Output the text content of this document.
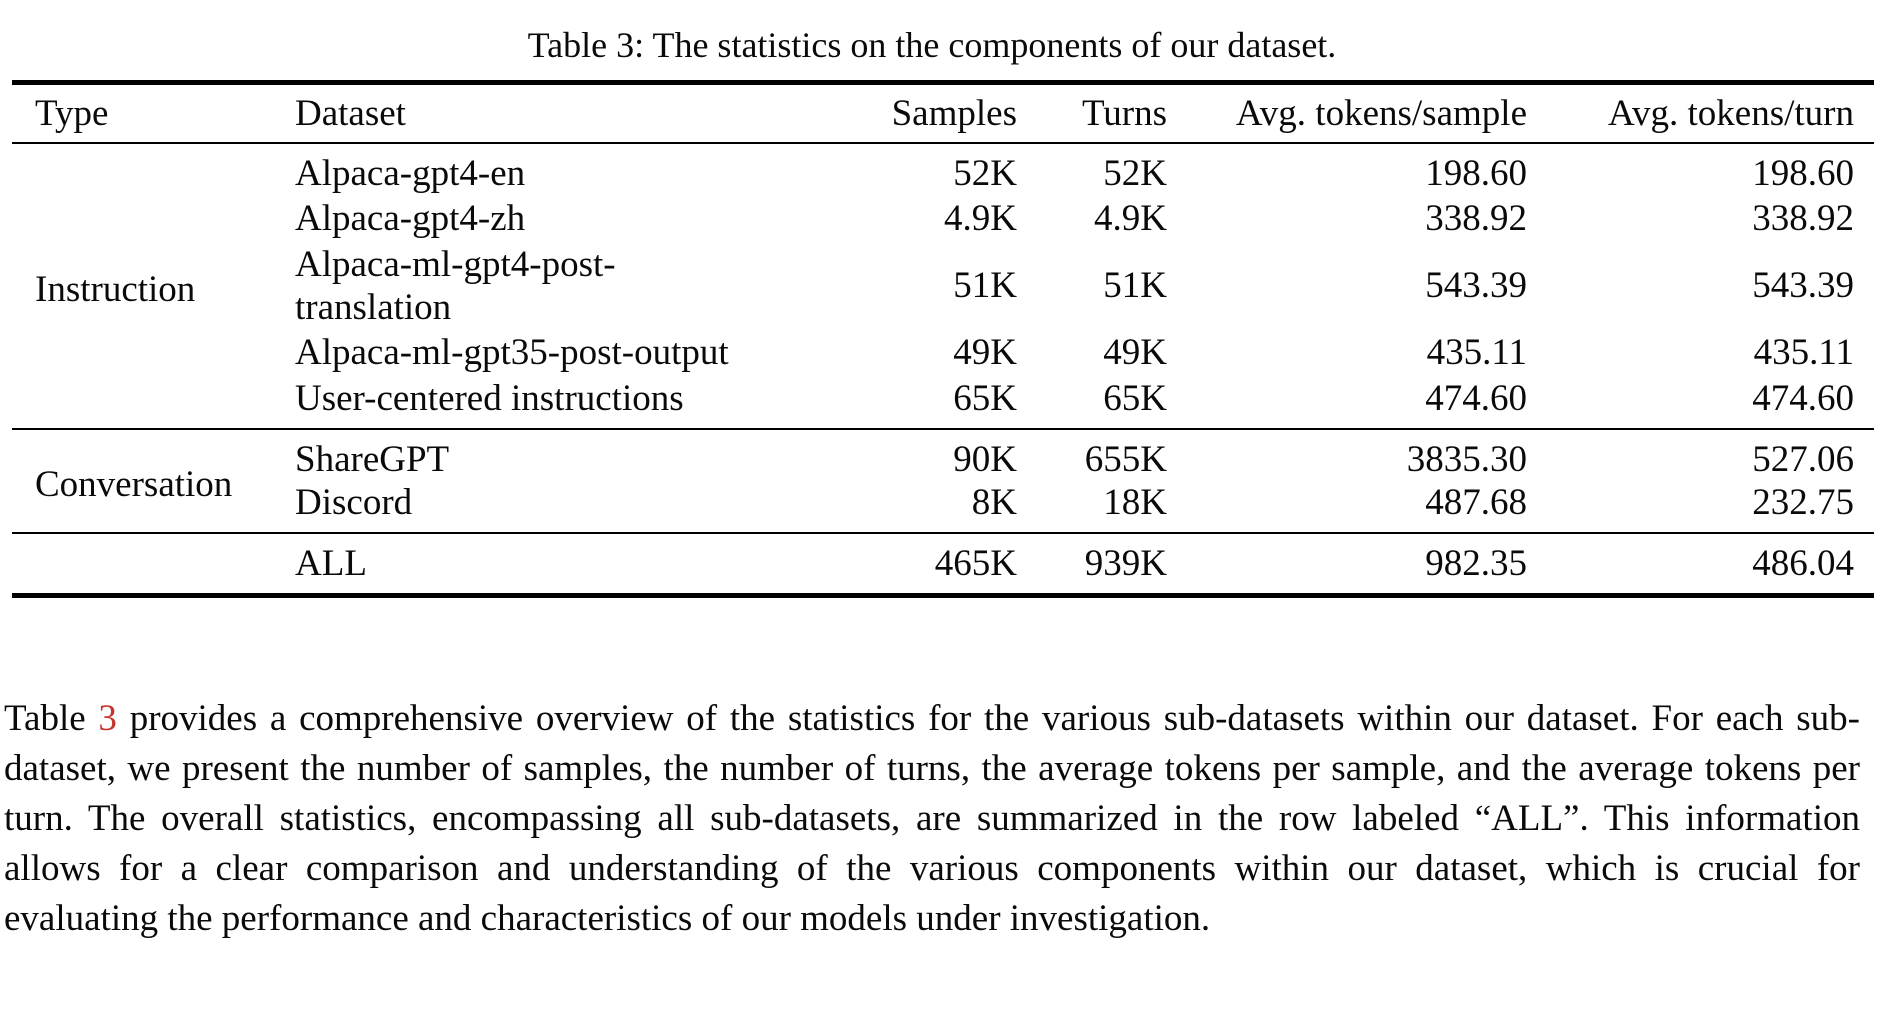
Table 3: The statistics on the components of our dataset.
Type	Dataset	Samples	Turns	Avg. tokens/sample	Avg. tokens/turn
Instruction	Alpaca-gpt4-en	52K	52K	198.60	198.60
	Alpaca-gpt4-zh	4.9K	4.9K	338.92	338.92
	Alpaca-ml-gpt4-post-translation	51K	51K	543.39	543.39
	Alpaca-ml-gpt35-post-output	49K	49K	435.11	435.11
	User-centered instructions	65K	65K	474.60	474.60
Conversation	ShareGPT	90K	655K	3835.30	527.06
	Discord	8K	18K	487.68	232.75
	ALL	465K	939K	982.35	486.04

Table 3 provides a comprehensive overview of the statistics for the various sub-datasets within our dataset. For each sub-dataset, we present the number of samples, the number of turns, the average tokens per sample, and the average tokens per turn. The overall statistics, encompassing all sub-datasets, are summarized in the row labeled “ALL”. This information allows for a clear comparison and understanding of the various components within our dataset, which is crucial for evaluating the performance and characteristics of our models under investigation.
